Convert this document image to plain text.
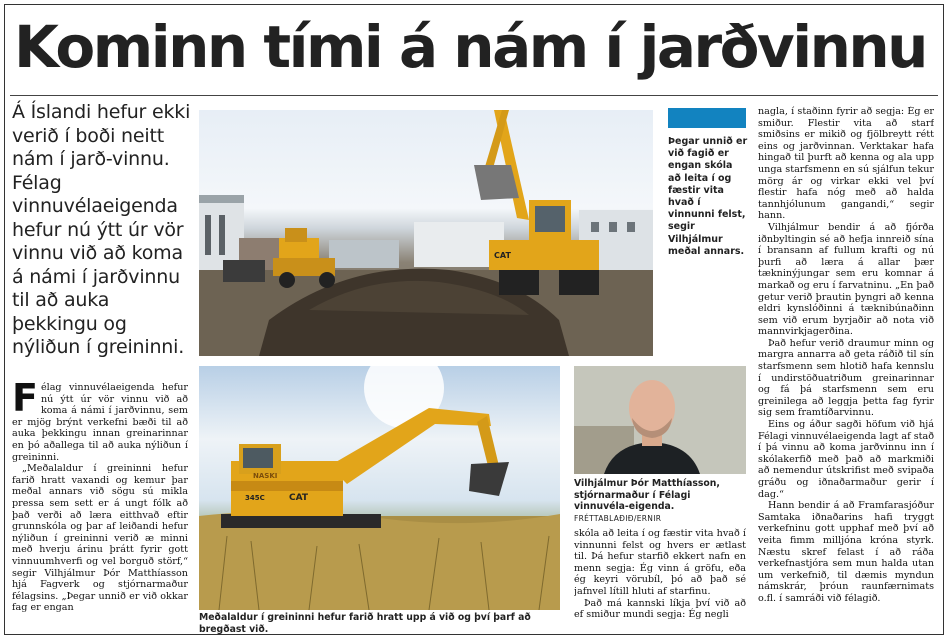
Kominn tími á nám í jarðvinnu

Á Íslandi hefur ekki verið í boði neitt nám í jarð-vinnu. Félag vinnuvélaeigenda hefur nú ýtt úr vör vinnu við að koma á námi í jarðvinnu til að auka þekkingu og nýliðun í greininni.

Félag vinnuvélaeigenda hefur nú ýtt úr vör vinnu við að koma á námi í jarðvinnu, sem er mjög brýnt verkefni bæði til að auka þekkingu innan greinarinnar en þó aðallega til að auka nýliðun í greininni.

„Meðalaldur í greininni hefur farið hratt vaxandi og kemur þar meðal annars við sögu sú mikla pressa sem sett er á ungt fólk að það verði að læra eitthvað eftir grunnskóla og þar af leiðandi hefur nýliðun í greininni verið æ minni með hverju árinu þrátt fyrir gott vinnuumhverfi og vel borguð störf,“ segir Vilhjálmur Þór Matthíasson hjá Fagverk og stjórnarmaður félagsins. „Þegar unnið er við okkar fag er engan

CAT
345C	CAT
NASKI

Meðalaldur í greininni hefur farið hratt upp á við og því þarf að bregðast við.

Vilhjálmur Þór Matthíasson, stjórnarmaður í Félagi vinnuvéla-eigenda. FRÉTTABLAÐIÐ/ERNIR

skóla að leita í og fæstir vita hvað í vinnunni felst og hvers er ætlast til. Þá hefur starfið ekkert nafn en menn segja: Ég vinn á gröfu, eða ég keyri vörubíl, þó að það sé jafnvel lítill hluti af starfinu.

Það má kannski líkja því við að ef smiður mundi segja: Ég negli

Þegar unnið er við fagið er engan skóla að leita í og fæstir vita hvað í vinnunni felst, segir Vilhjálmur meðal annars.

nagla, í staðinn fyrir að segja: Ég er smiður. Flestir vita að starf smiðsins er mikið og fjölbreytt rétt eins og jarðvinnan. Verktakar hafa hingað til þurft að kenna og ala upp unga starfsmenn en sú sjálfun tekur mörg ár og virkar ekki vel því flestir hafa nóg með að halda tannhjólunum gangandi,“ segir hann.

Vilhjálmur bendir á að fjórða iðnbyltingin sé að hefja innreið sína í bransann af fullum krafti og nú þurfi að læra á allar þær tækninýjungar sem eru komnar á markað og eru í farvatninu. „En það getur verið þrautin þyngri að kenna eldri kynslóðinni á tæknibúnaðinn sem við erum byrjaðir að nota við mannvirkjagerðina.

Það hefur verið draumur minn og margra annarra að geta ráðið til sín starfsmenn sem hlotið hafa kennslu í undirstöðuatriðum greinarinnar og fá þá starfsmenn sem eru greinilega að leggja þetta fag fyrir sig sem framtíðarvinnu.

Eins og áður sagði höfum við hjá Félagi vinnuvélaeigenda lagt af stað í þá vinnu að koma jarðvinnu inn í skólakerfið með það að markmiði að nemendur útskrifist með svipaða gráðu og iðnaðarmaður gerir í dag.“

Hann bendir á að Framfarasjóður Samtaka iðnaðarins hafi tryggt verkefninu gott upphaf með því að veita fimm milljóna króna styrk. Næstu skref felast í að ráða verkefnastjóra sem mun halda utan um verkefnið, til dæmis myndun námskrár, þróun raunfærnimats o.fl. í samráði við félagið.
